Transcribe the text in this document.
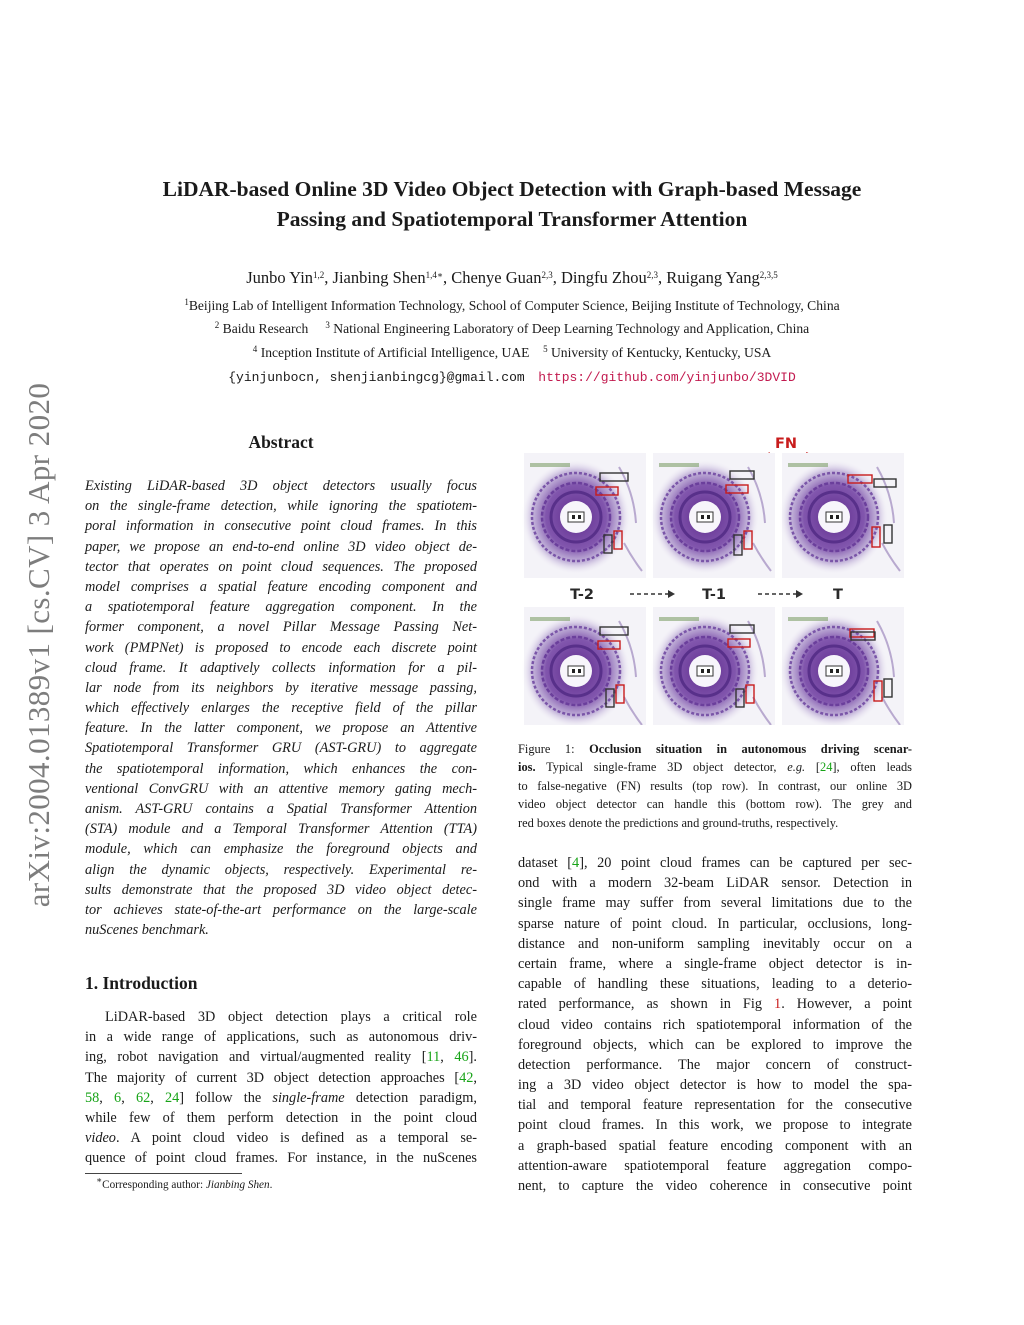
arXiv:2004.01389v1 [cs.CV] 3 Apr 2020
LiDAR-based Online 3D Video Object Detection with Graph-based Message
Passing and Spatiotemporal Transformer Attention
Junbo Yin$^{1,2}$, Jianbing Shen$^{1,4∗}$, Chenye Guan$^{2,3}$, Dingfu Zhou$^{2,3}$, Ruigang Yang$^{2,3,5}$
$^1$Beijing Lab of Intelligent Information Technology, School of Computer Science, Beijing Institute of Technology, China
$^2$ Baidu Research $^3$ National Engineering Laboratory of Deep Learning Technology and Application, China
$^4$ Inception Institute of Artificial Intelligence, UAE $^5$ University of Kentucky, Kentucky, USA
{yinjunbocn, shenjianbingcg}@gmail.com https://github.com/yinjunbo/3DVID
Abstract
Existing LiDAR-based 3D object detectors usually focus
on the single-frame detection, while ignoring the spatiotem-
poral information in consecutive point cloud frames. In this
paper, we propose an end-to-end online 3D video object de-
tector that operates on point cloud sequences. The proposed
model comprises a spatial feature encoding component and
a spatiotemporal feature aggregation component. In the
former component, a novel Pillar Message Passing Net-
work (PMPNet) is proposed to encode each discrete point
cloud frame. It adaptively collects information for a pil-
lar node from its neighbors by iterative message passing,
which effectively enlarges the receptive field of the pillar
feature. In the latter component, we propose an Attentive
Spatiotemporal Transformer GRU (AST-GRU) to aggregate
the spatiotemporal information, which enhances the con-
ventional ConvGRU with an attentive memory gating mech-
anism. AST-GRU contains a Spatial Transformer Attention
(STA) module and a Temporal Transformer Attention (TTA)
module, which can emphasize the foreground objects and
align the dynamic objects, respectively. Experimental re-
sults demonstrate that the proposed 3D video object detec-
tor achieves state-of-the-art performance on the large-scale
nuScenes benchmark.
1. Introduction
LiDAR-based 3D object detection plays a critical role
in a wide range of applications, such as autonomous driv-
ing, robot navigation and virtual/augmented reality [11, 46].
The majority of current 3D object detection approaches [42,
58, 6, 62, 24] follow the single-frame detection paradigm,
while few of them perform detection in the point cloud
video. A point cloud video is defined as a temporal se-
quence of point cloud frames. For instance, in the nuScenes
∗Corresponding author: Jianbing Shen.
FN
T-2	T-1	T
Figure 1: Occlusion situation in autonomous driving scenar-
ios. Typical single-frame 3D object detector, e.g. [24], often leads
to false-negative (FN) results (top row). In contrast, our online 3D
video object detector can handle this (bottom row). The grey and
red boxes denote the predictions and ground-truths, respectively.
dataset [4], 20 point cloud frames can be captured per sec-
ond with a modern 32-beam LiDAR sensor. Detection in
single frame may suffer from several limitations due to the
sparse nature of point cloud. In particular, occlusions, long-
distance and non-uniform sampling inevitably occur on a
certain frame, where a single-frame object detector is in-
capable of handling these situations, leading to a deterio-
rated performance, as shown in Fig 1. However, a point
cloud video contains rich spatiotemporal information of the
foreground objects, which can be explored to improve the
detection performance. The major concern of construct-
ing a 3D video object detector is how to model the spa-
tial and temporal feature representation for the consecutive
point cloud frames. In this work, we propose to integrate
a graph-based spatial feature encoding component with an
attention-aware spatiotemporal feature aggregation compo-
nent, to capture the video coherence in consecutive point
